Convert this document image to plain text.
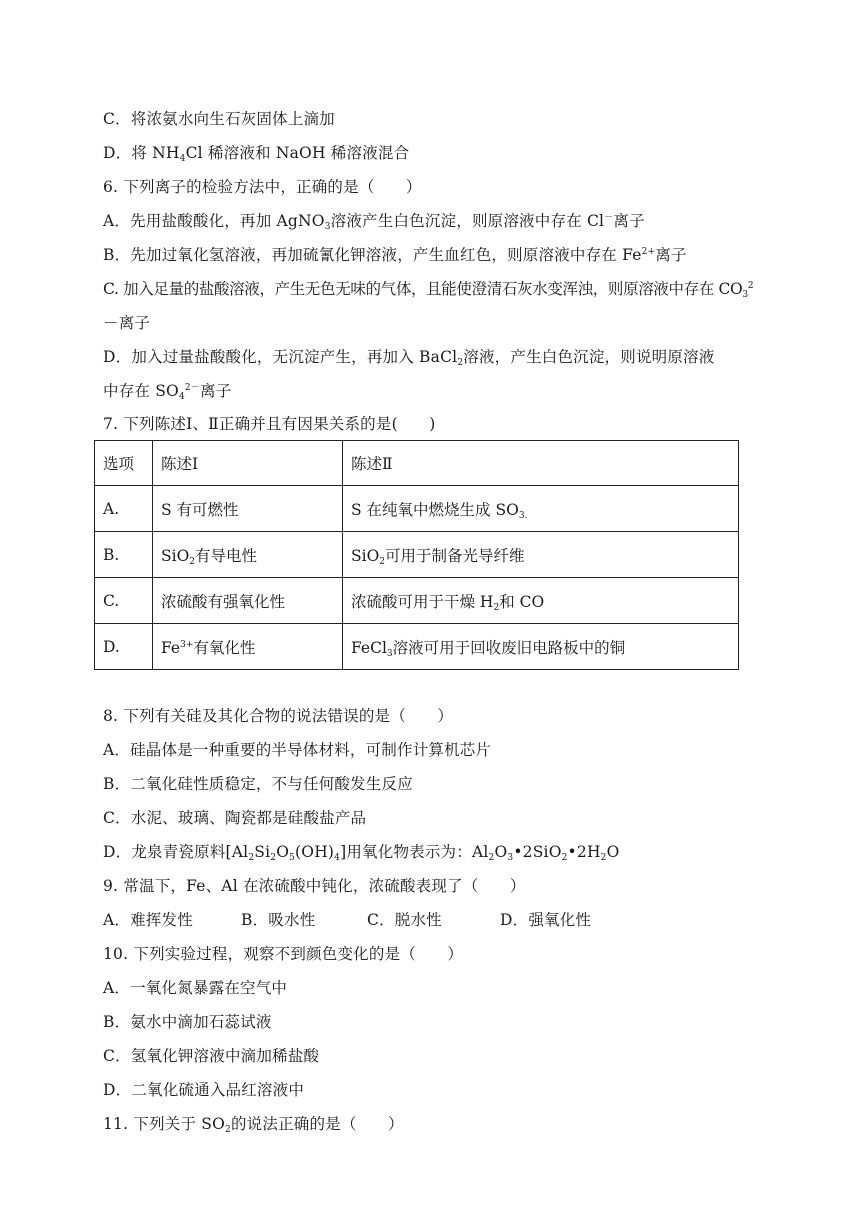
C．将浓氨水向生石灰固体上滴加
D．将 $NH_4Cl$ 稀溶液和 NaOH 稀溶液混合
6. 下列离子的检验方法中，正确的是（　　）
A．先用盐酸酸化，再加 AgNO$_3$溶液产生白色沉淀，则原溶液中存在 Cl－离子
B．先加过氧化氢溶液，再加硫氰化钾溶液，产生血红色，则原溶液中存在 $Fe^{2+}$离子
C. 加入足量的盐酸溶液，产生无色无味的气体，且能使澄清石灰水变浑浊，则原溶液中存在 $CO_3^2$
－离子
D．加入过量盐酸酸化，无沉淀产生，再加入 BaCl$_2$溶液，产生白色沉淀，则说明原溶液
中存在 $SO_4^{2-}$离子
7. 下列陈述Ⅰ、Ⅱ正确并且有因果关系的是(　　)
选项	陈述Ⅰ	陈述Ⅱ
A.	S 有可燃性	S 在纯氧中燃烧生成 $SO_{3.}$
B.	SiO$_2$有导电性	SiO$_2$可用于制备光导纤维
C.	浓硫酸有强氧化性	浓硫酸可用于干燥 $H_2$和 CO
D.	$Fe^{3+}$有氧化性	FeCl$_3$溶液可用于回收废旧电路板中的铜
8. 下列有关硅及其化合物的说法错误的是（　　）
A．硅晶体是一种重要的半导体材料，可制作计算机芯片
B．二氧化硅性质稳定，不与任何酸发生反应
C．水泥、玻璃、陶瓷都是硅酸盐产品
D．龙泉青瓷原料$[Al_2Si_2O_5(OH)_4]$用氧化物表示为：$Al_2O_3•2SiO_2•2H_2O$
9. 常温下，Fe、Al 在浓硫酸中钝化，浓硫酸表现了（　　）
A．难挥发性	B．吸水性	C．脱水性	D．强氧化性
10. 下列实验过程，观察不到颜色变化的是（　　）
A．一氧化氮暴露在空气中
B．氨水中滴加石蕊试液
C．氢氧化钾溶液中滴加稀盐酸
D．二氧化硫通入品红溶液中
11. 下列关于 $SO_2$的说法正确的是（　　）
